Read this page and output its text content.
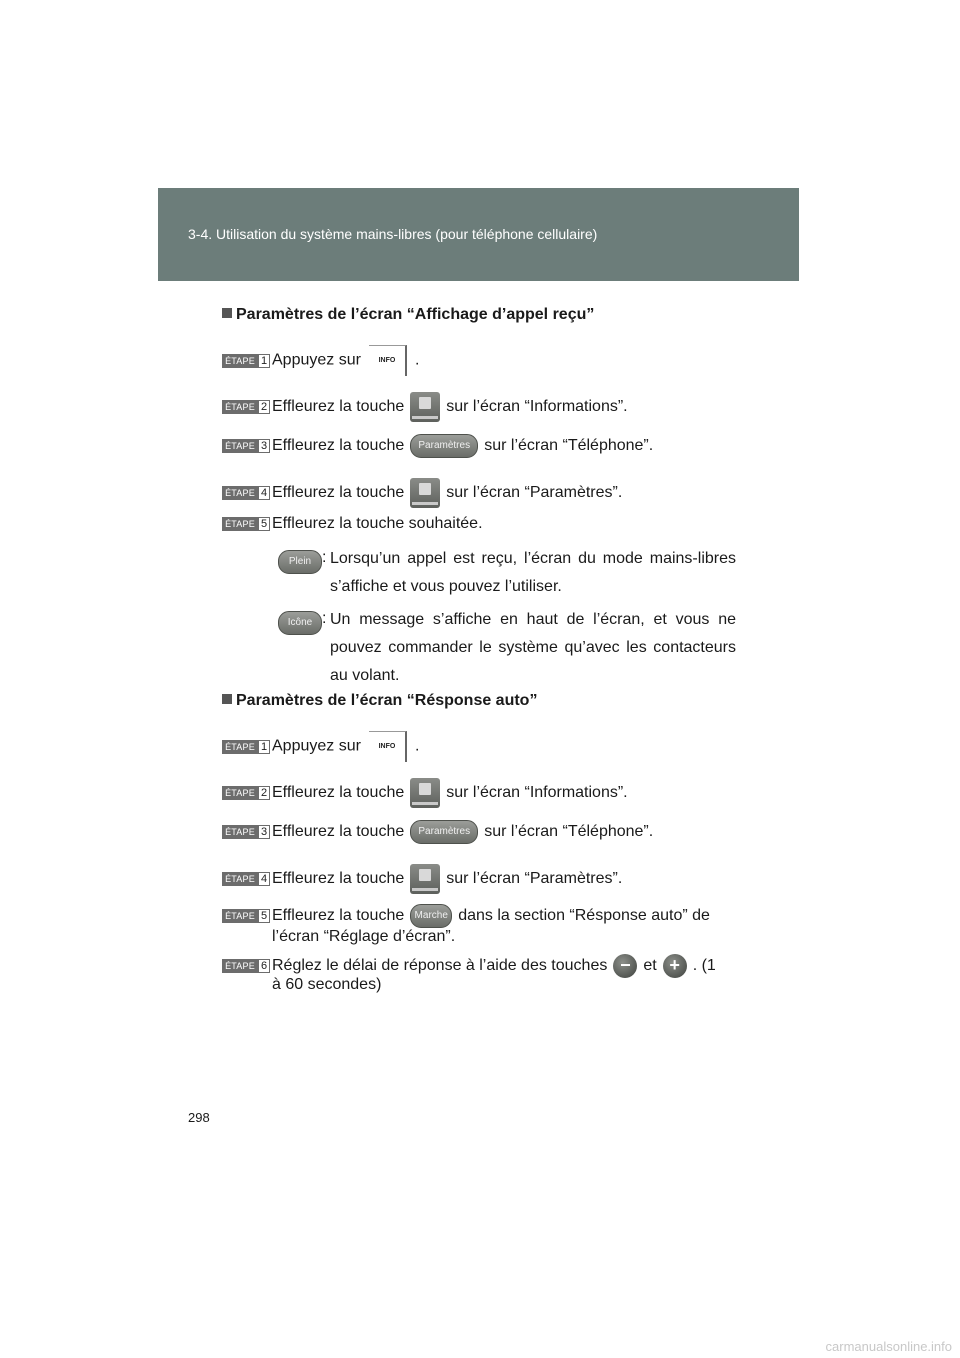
3-4. Utilisation du système mains-libres (pour téléphone cellulaire)
Paramètres de l’écran “Affichage d’appel reçu”
ÉTAPE 1 Appuyez sur	INFO .
ÉTAPE 2 Effleurez la touche	sur l’écran “Informations”.
ÉTAPE 3 Effleurez la touche Paramètres sur l’écran “Téléphone”.
ÉTAPE 4 Effleurez la touche	sur l’écran “Paramètres”.
ÉTAPE 5 Effleurez la touche souhaitée.
Plein : Lorsqu’un appel est reçu, l’écran du mode mains-libres s’affiche et vous pouvez l’utiliser.
Icône : Un message s’affiche en haut de l’écran, et vous ne pouvez commander le système qu’avec les contacteurs au volant.
Paramètres de l’écran “Résponse auto”
ÉTAPE 1 Appuyez sur	INFO .
ÉTAPE 2 Effleurez la touche	sur l’écran “Informations”.
ÉTAPE 3 Effleurez la touche Paramètres sur l’écran “Téléphone”.
ÉTAPE 4 Effleurez la touche	sur l’écran “Paramètres”.
ÉTAPE 5 Effleurez la touche Marche dans la section “Résponse auto” de
l’écran “Réglage d’écran”.
ÉTAPE 6 Réglez le délai de réponse à l’aide des touches − et + . (1
à 60 secondes)
298
carmanualsonline.info
